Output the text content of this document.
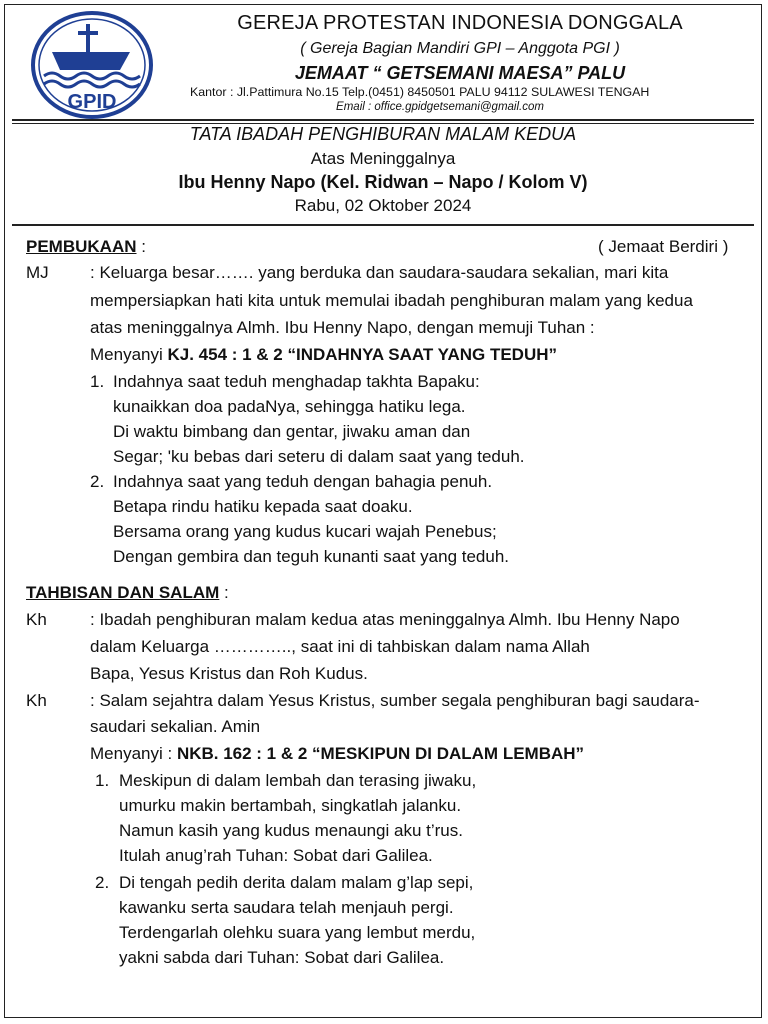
GPID
GEREJA PROTESTAN INDONESIA DONGGALA
( Gereja Bagian Mandiri GPI – Anggota PGI )
JEMAAT “ GETSEMANI MAESA” PALU
Kantor : Jl.Pattimura No.15 Telp.(0451) 8450501 PALU 94112 SULAWESI TENGAH
Email : office.gpidgetsemani@gmail.com
TATA IBADAH PENGHIBURAN MALAM KEDUA
Atas Meninggalnya
Ibu Henny Napo (Kel. Ridwan – Napo / Kolom V)
Rabu, 02 Oktober 2024
PEMBUKAAN :	( Jemaat Berdiri )
MJ : Keluarga besar……. yang berduka dan saudara-saudara sekalian, mari kita
mempersiapkan hati kita untuk memulai ibadah penghiburan malam yang kedua
atas meninggalnya Almh. Ibu Henny Napo, dengan memuji Tuhan :
Menyanyi KJ. 454 : 1 & 2 “INDAHNYA SAAT YANG TEDUH”
1. Indahnya saat teduh menghadap takhta Bapaku:
kunaikkan doa padaNya, sehingga hatiku lega.
Di waktu bimbang dan gentar, jiwaku aman dan
Segar; 'ku bebas dari seteru di dalam saat yang teduh.
2. Indahnya saat yang teduh dengan bahagia penuh.
Betapa rindu hatiku kepada saat doaku.
Bersama orang yang kudus kucari wajah Penebus;
Dengan gembira dan teguh kunanti saat yang teduh.
TAHBISAN DAN SALAM :
Kh	: Ibadah penghiburan malam kedua atas meninggalnya Almh. Ibu Henny Napo
dalam Keluarga ………….., saat ini di tahbiskan dalam nama Allah
Bapa, Yesus Kristus dan Roh Kudus.
Kh	: Salam sejahtra dalam Yesus Kristus, sumber segala penghiburan bagi saudara-
saudari sekalian. Amin
Menyanyi : NKB. 162 : 1 & 2 “MESKIPUN DI DALAM LEMBAH”
1. Meskipun di dalam lembah dan terasing jiwaku,
umurku makin bertambah, singkatlah jalanku.
Namun kasih yang kudus menaungi aku t’rus.
Itulah anug’rah Tuhan: Sobat dari Galilea.
2. Di tengah pedih derita dalam malam g’lap sepi,
kawanku serta saudara telah menjauh pergi.
Terdengarlah olehku suara yang lembut merdu,
yakni sabda dari Tuhan: Sobat dari Galilea.
